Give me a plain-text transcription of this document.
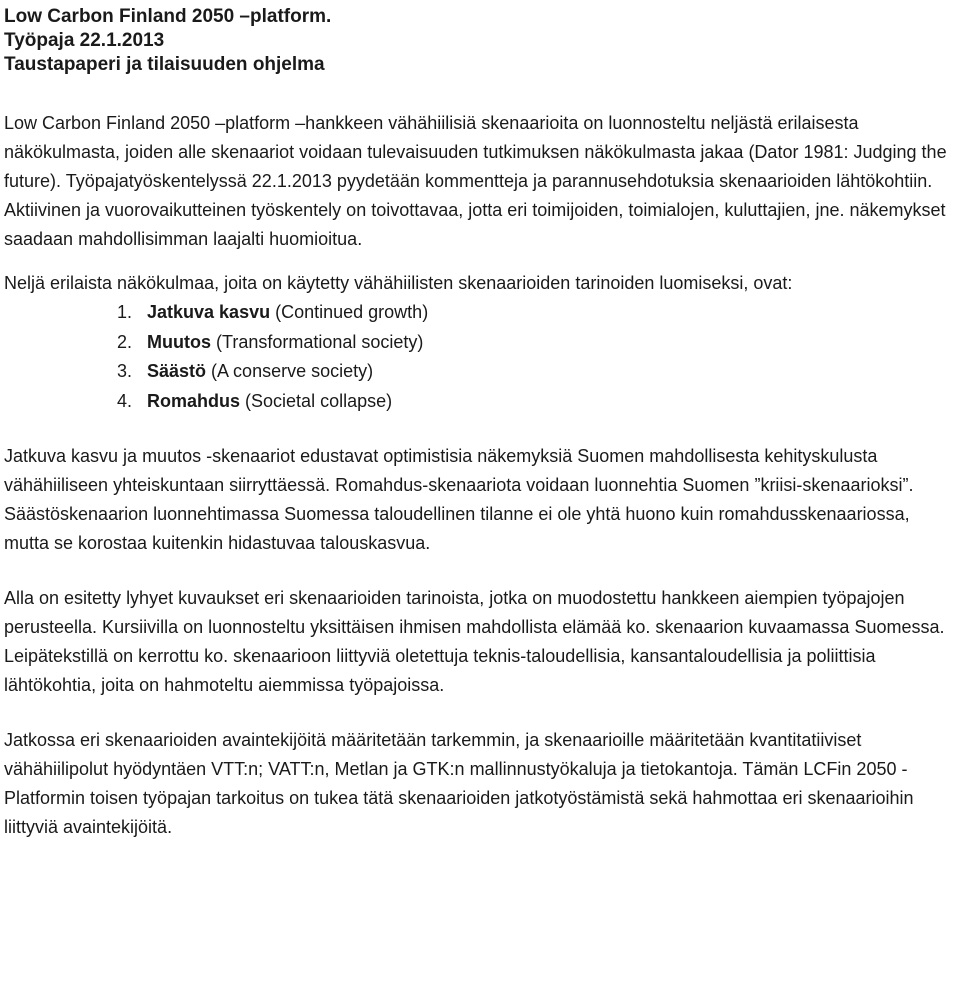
Low Carbon Finland 2050 –platform.
Työpaja 22.1.2013
Taustapaperi ja tilaisuuden ohjelma

Low Carbon Finland 2050 –platform –hankkeen vähähiilisiä skenaarioita on luonnosteltu neljästä erilaisesta näkökulmasta, joiden alle skenaariot voidaan tulevaisuuden tutkimuksen näkökulmasta jakaa (Dator 1981: Judging the future). Työpajatyöskentelyssä 22.1.2013 pyydetään kommentteja ja parannusehdotuksia skenaarioiden lähtökohtiin. Aktiivinen ja vuorovaikutteinen työskentely on toivottavaa, jotta eri toimijoiden, toimialojen, kuluttajien, jne. näkemykset saadaan mahdollisimman laajalti huomioitua.

Neljä erilaista näkökulmaa, joita on käytetty vähähiilisten skenaarioiden tarinoiden luomiseksi, ovat:

1. Jatkuva kasvu (Continued growth)
2. Muutos (Transformational society)
3. Säästö (A conserve society)
4. Romahdus (Societal collapse)

Jatkuva kasvu ja muutos -skenaariot edustavat optimistisia näkemyksiä Suomen mahdollisesta kehityskulusta vähähiiliseen yhteiskuntaan siirryttäessä. Romahdus-skenaariota voidaan luonnehtia Suomen ”kriisi-skenaarioksi”. Säästöskenaarion luonnehtimassa Suomessa taloudellinen tilanne ei ole yhtä huono kuin romahdusskenaariossa, mutta se korostaa kuitenkin hidastuvaa talouskasvua.

Alla on esitetty lyhyet kuvaukset eri skenaarioiden tarinoista, jotka on muodostettu hankkeen aiempien työpajojen perusteella. Kursiivilla on luonnosteltu yksittäisen ihmisen mahdollista elämää ko. skenaarion kuvaamassa Suomessa. Leipätekstillä on kerrottu ko. skenaarioon liittyviä oletettuja teknis-taloudellisia, kansantaloudellisia ja poliittisia lähtökohtia, joita on hahmoteltu aiemmissa työpajoissa.

Jatkossa eri skenaarioiden avaintekijöitä määritetään tarkemmin, ja skenaarioille määritetään kvantitatiiviset vähähiilipolut hyödyntäen VTT:n; VATT:n, Metlan ja GTK:n mallinnustyökaluja ja tietokantoja. Tämän LCFin 2050 -Platformin toisen työpajan tarkoitus on tukea tätä skenaarioiden jatkotyöstämistä sekä hahmottaa eri skenaarioihin liittyviä avaintekijöitä.
